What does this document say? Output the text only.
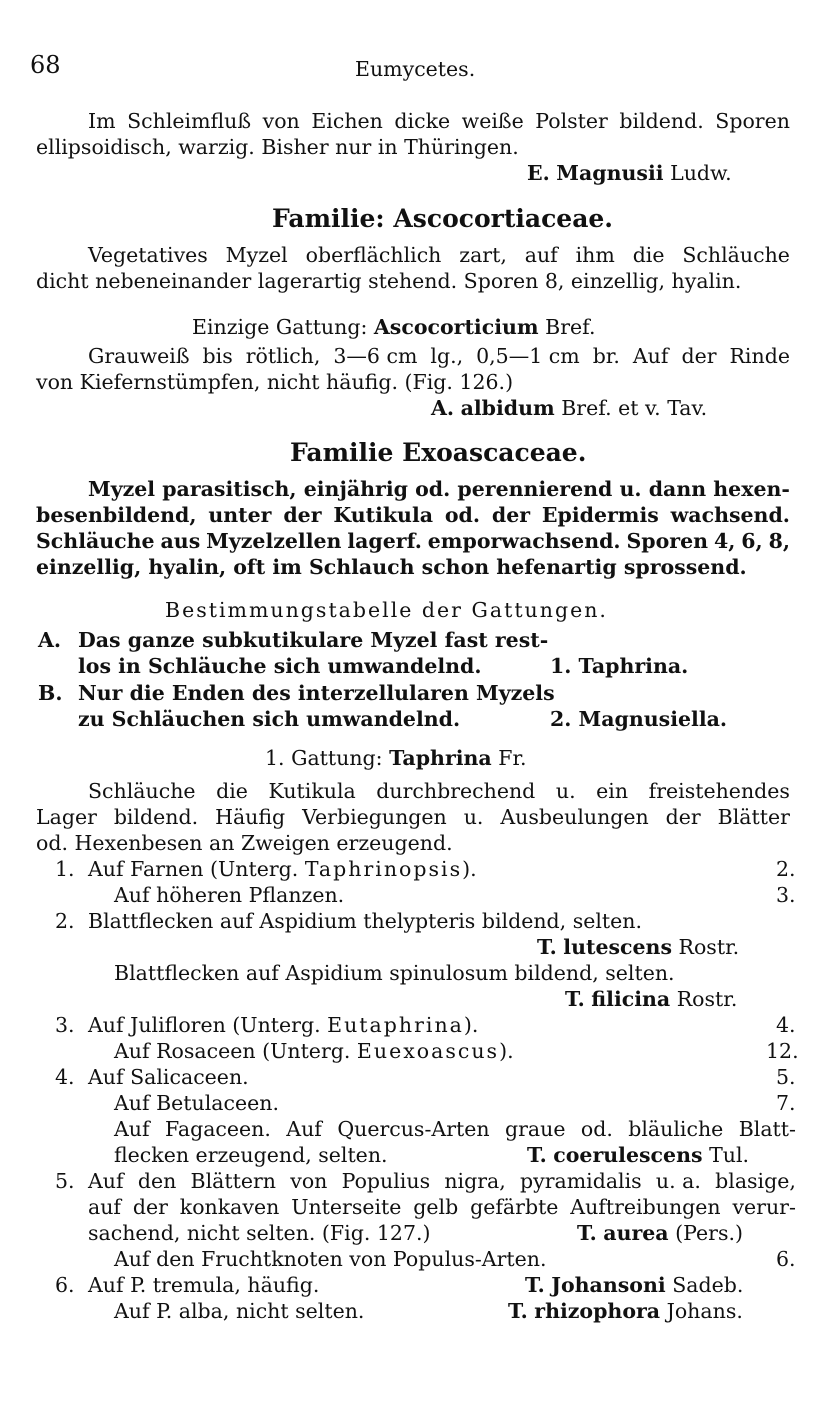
68	Eumycetes.
Im Schleimfluß von Eichen dicke weiße Polster bildend. Sporen
ellipsoidisch, warzig. Bisher nur in Thüringen.
E. Magnusii Ludw.
Familie: Ascocortiaceae.
Vegetatives Myzel oberflächlich zart, auf ihm die Schläuche
dicht nebeneinander lagerartig stehend. Sporen 8, einzellig, hyalin.
Einzige Gattung: Ascocorticium Bref.
Grauweiß bis rötlich, 3—6 cm lg., 0,5—1 cm br. Auf der Rinde
von Kiefernstümpfen, nicht häufig. (Fig. 126.)
A. albidum Bref. et v. Tav.
Familie Exoascaceae.
Myzel parasitisch, einjährig od. perennierend u. dann hexen-
besenbildend, unter der Kutikula od. der Epidermis wachsend.
Schläuche aus Myzelzellen lagerf. emporwachsend. Sporen 4, 6, 8,
einzellig, hyalin, oft im Schlauch schon hefenartig sprossend.
Bestimmungstabelle der Gattungen.
A. Das ganze subkutikulare Myzel fast rest-
los in Schläuche sich umwandelnd.	1. Taphrina.
B. Nur die Enden des interzellularen Myzels
zu Schläuchen sich umwandelnd.	2. Magnusiella.
1. Gattung: Taphrina Fr.
Schläuche die Kutikula durchbrechend u. ein freistehendes
Lager bildend. Häufig Verbiegungen u. Ausbeulungen der Blätter
od. Hexenbesen an Zweigen erzeugend.
1. Auf Farnen (Unterg. Taphrinopsis).	2.
Auf höheren Pflanzen.	3.
2. Blattflecken auf Aspidium thelypteris bildend, selten.
T. lutescens Rostr.
Blattflecken auf Aspidium spinulosum bildend, selten.
T. filicina Rostr.
3. Auf Julifloren (Unterg. Eutaphrina).	4.
Auf Rosaceen (Unterg. Euexoascus).	12.
4. Auf Salicaceen.	5.
Auf Betulaceen.	7.
Auf Fagaceen. Auf Quercus-Arten graue od. bläuliche Blatt-
flecken erzeugend, selten.	T. coerulescens Tul.
5. Auf den Blättern von Populius nigra, pyramidalis u. a. blasige,
auf der konkaven Unterseite gelb gefärbte Auftreibungen verur-
sachend, nicht selten. (Fig. 127.)	T. aurea (Pers.)
Auf den Fruchtknoten von Populus-Arten.	6.
6. Auf P. tremula, häufig.	T. Johansoni Sadeb.
Auf P. alba, nicht selten.	T. rhizophora Johans.
